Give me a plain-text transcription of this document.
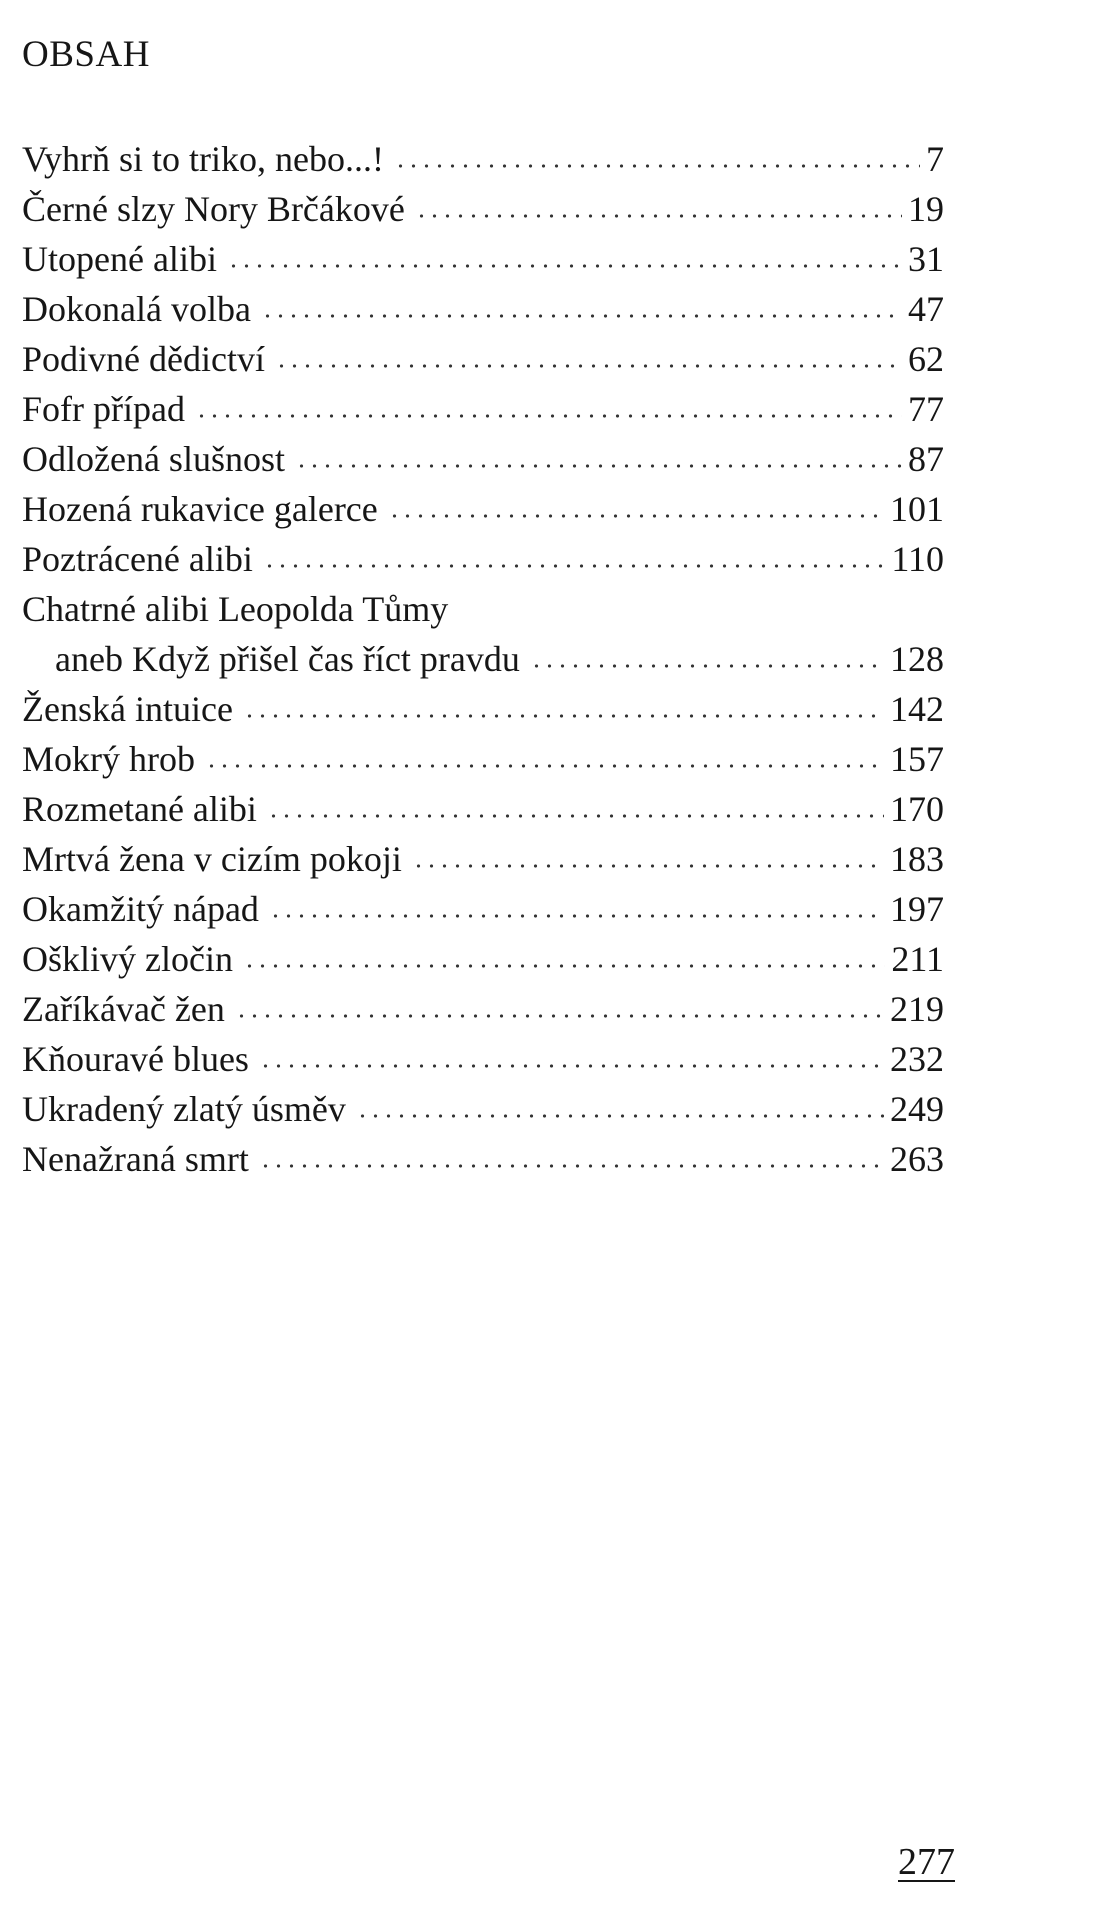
OBSAH
Vyhrň si to triko, nebo...!	7
Černé slzy Nory Brčákové	19
Utopené alibi	31
Dokonalá volba	47
Podivné dědictví	62
Fofr případ	77
Odložená slušnost	87
Hozená rukavice galerce	101
Poztrácené alibi	110
Chatrné alibi Leopolda Tůmy
aneb Když přišel čas říct pravdu	128
Ženská intuice	142
Mokrý hrob	157
Rozmetané alibi	170
Mrtvá žena v cizím pokoji	183
Okamžitý nápad	197
Ošklivý zločin	211
Zaříkávač žen	219
Kňouravé blues	232
Ukradený zlatý úsměv	249
Nenažraná smrt	263
277
